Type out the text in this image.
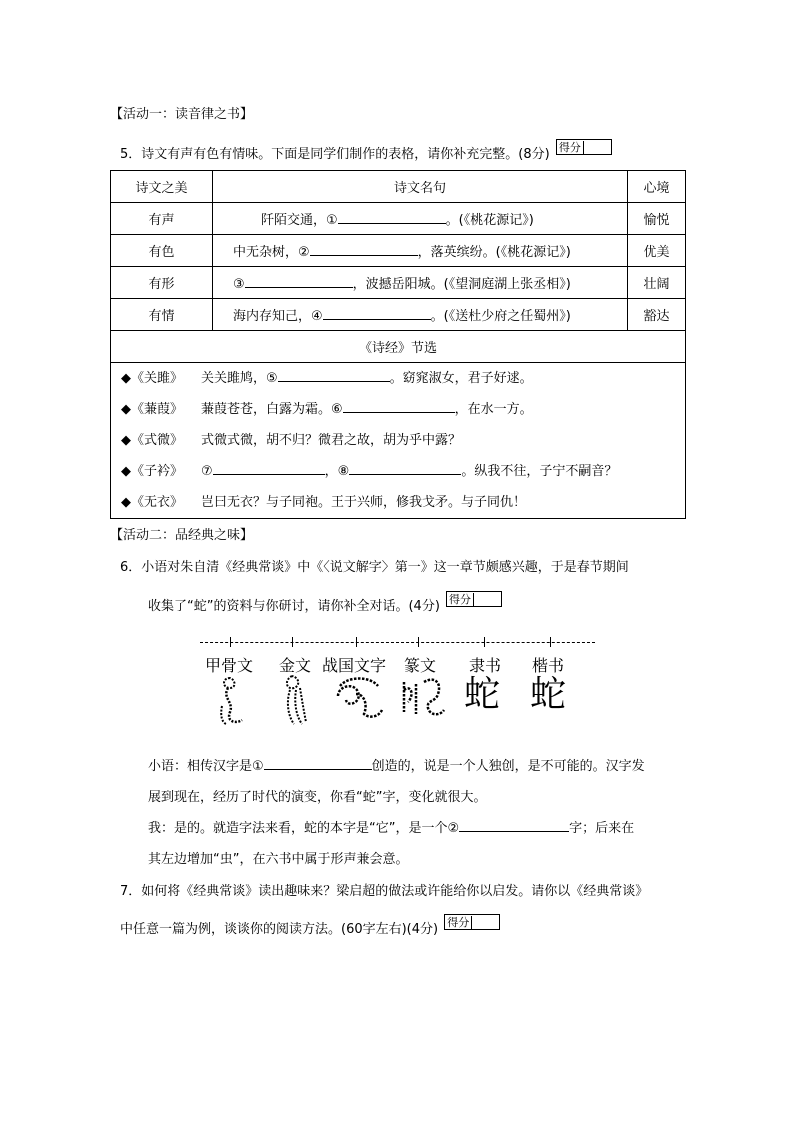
【活动一：读音律之书】
5．诗文有声有色有情味。下面是同学们制作的表格，请你补充完整。(8分) 得分
诗文之美	诗文名句	心境
有声	阡陌交通，① 。(《桃花源记》)	愉悦
有色	中无杂树，② ，落英缤纷。(《桃花源记》)	优美
有形	③ ，波撼岳阳城。(《望洞庭湖上张丞相》)	壮阔
有情	海内存知己，④ 。(《送杜少府之任蜀州》)	豁达
《诗经》节选		

◆《关雎》 关关雎鸠，⑤ 。窈窕淑女，君子好逑。
◆《蒹葭》 蒹葭苍苍，白露为霜。⑥ ，在水一方。
◆《式微》 式微式微，胡不归？微君之故，胡为乎中露？
◆《子衿》 ⑦ ，⑧ 。纵我不往，子宁不嗣音？
◆《无衣》 岂曰无衣？与子同袍。王于兴师，修我戈矛。与子同仇！		
【活动二：品经典之味】
6．小语对朱自清《经典常谈》中《〈说文解字〉第一》这一章节颇感兴趣，于是春节期间
收集了“蛇”的资料与你研讨，请你补全对话。(4分) 得分
甲骨文 金文 战国文字 篆文 隶书 楷书
蛇 蛇
小语：相传汉字是①	创造的，说是一个人独创，是不可能的。汉字发
展到现在，经历了时代的演变，你看“蛇”字，变化就很大。
我：是的。就造字法来看，蛇的本字是“它”，是一个②	字；后来在
其左边增加“虫”，在六书中属于形声兼会意。
7．如何将《经典常谈》读出趣味来？梁启超的做法或许能给你以启发。请你以《经典常谈》
中任意一篇为例，谈谈你的阅读方法。(60字左右)(4分) 得分
